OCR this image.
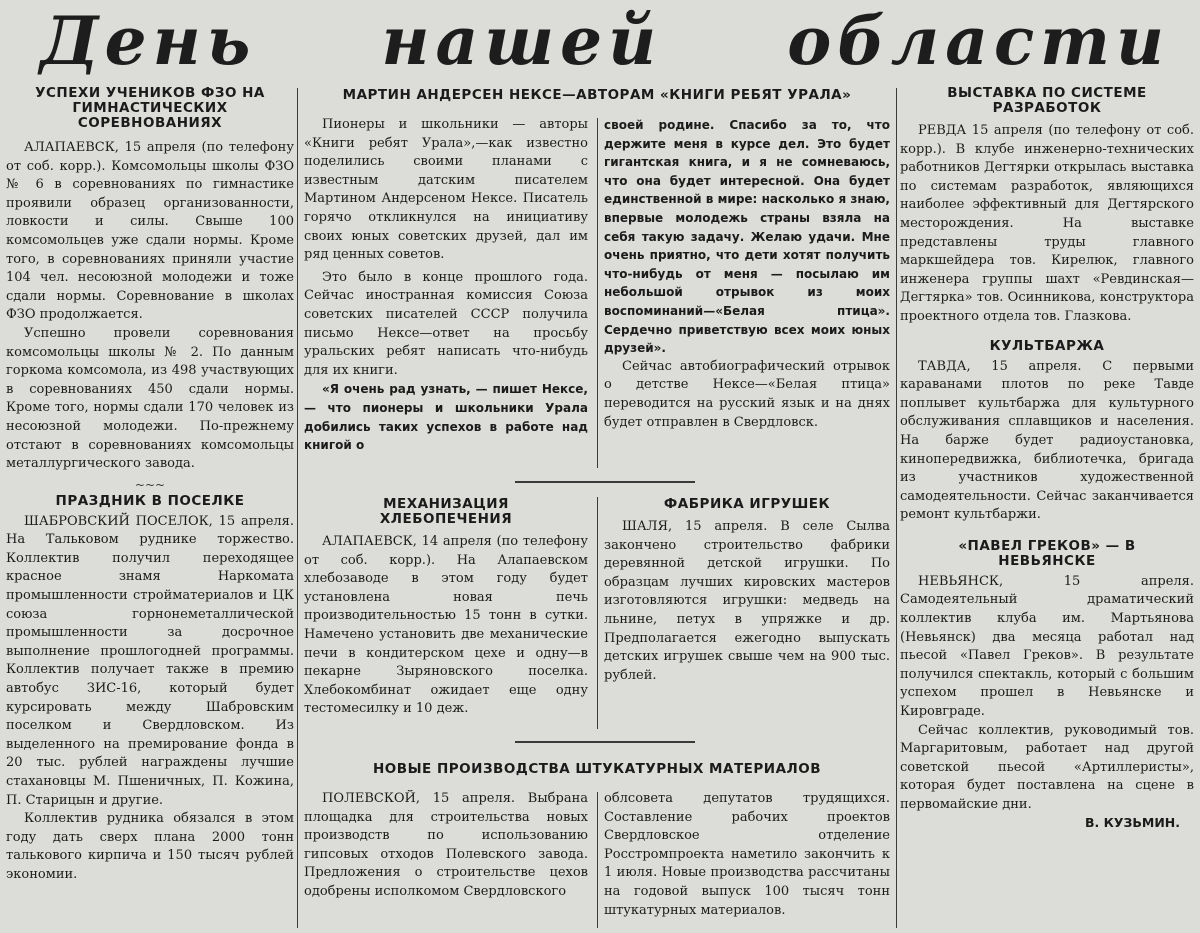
День нашей области
УСПЕХИ УЧЕНИКОВ ФЗО НА ГИМНАСТИЧЕСКИХ СОРЕВНОВАНИЯХ

АЛАПАЕВСК, 15 апреля (по телефону от соб. корр.). Комсомольцы школы ФЗО № 6 в соревнованиях по гимнастике проявили образец организованности, ловкости и силы. Свыше 100 комсомольцев уже сдали нормы. Кроме того, в соревнованиях приняли участие 104 чел. несоюзной молодежи и тоже сдали нормы. Соревнование в школах ФЗО продолжается.

Успешно провели соревнования комсомольцы школы № 2. По данным горкома комсомола, из 498 участвующих в соревнованиях 450 сдали нормы. Кроме того, нормы сдали 170 человек из несоюзной молодежи. По-прежнему отстают в соревнованиях комсомольцы металлургического завода.

~~~
ПРАЗДНИК В ПОСЕЛКЕ

ШАБРОВСКИЙ ПОСЕЛОК, 15 апреля. На Тальковом руднике торжество. Коллектив получил переходящее красное знамя Наркомата промышленности стройматериалов и ЦК союза горнонеметаллической промышленности за досрочное выполнение прошлогодней программы. Коллектив получает также в премию автобус ЗИС-16, который будет курсировать между Шабровским поселком и Свердловском. Из выделенного на премирование фонда в 20 тыс. рублей награждены лучшие стахановцы М. Пшеничных, П. Кожина, П. Старицын и другие.

Коллектив рудника обязался в этом году дать сверх плана 2000 тонн талькового кирпича и 150 тысяч рублей экономии.

МАРТИН АНДЕРСЕН НЕКСЕ—АВТОРАМ «КНИГИ РЕБЯТ УРАЛА»

Пионеры и школьники — авторы «Книги ребят Урала»,—как известно поделились своими планами с известным датским писателем Мартином Андерсеном Нексе. Писатель горячо откликнулся на инициативу своих юных советских друзей, дал им ряд ценных советов.

Это было в конце прошлого года. Сейчас иностранная комиссия Союза советских писателей СССР получила письмо Нексе—ответ на просьбу уральских ребят написать что-нибудь для их книги.

«Я очень рад узнать, — пишет Нексе, — что пионеры и школьники Урала добились таких успехов в работе над книгой о

своей родине. Спасибо за то, что держите меня в курсе дел. Это будет гигантская книга, и я не сомневаюсь, что она будет интересной. Она будет единственной в мире: насколько я знаю, впервые молодежь страны взяла на себя такую задачу. Желаю удачи. Мне очень приятно, что дети хотят получить что-нибудь от меня — посылаю им небольшой отрывок из моих воспоминаний—«Белая птица». Сердечно приветствую всех моих юных друзей».

Сейчас автобиографический отрывок о детстве Нексе—«Белая птица» переводится на русский язык и на днях будет отправлен в Свердловск.

МЕХАНИЗАЦИЯ ХЛЕБОПЕЧЕНИЯ

АЛАПАЕВСК, 14 апреля (по телефону от соб. корр.). На Алапаевском хлебозаводе в этом году будет установлена новая печь производительностью 15 тонн в сутки. Намечено установить две механические печи в кондитерском цехе и одну—в пекарне Зыряновского поселка. Хлебокомбинат ожидает еще одну тестомесилку и 10 деж.

ФАБРИКА ИГРУШЕК

ШАЛЯ, 15 апреля. В селе Сылва закончено строительство фабрики деревянной детской игрушки. По образцам лучших кировских мастеров изготовляются игрушки: медведь на льнине, петух в упряжке и др. Предполагается ежегодно выпускать детских игрушек свыше чем на 900 тыс. рублей.

НОВЫЕ ПРОИЗВОДСТВА ШТУКАТУРНЫХ МАТЕРИАЛОВ

ПОЛЕВСКОЙ, 15 апреля. Выбрана площадка для строительства новых производств по использованию гипсовых отходов Полевского завода. Предложения о строительстве цехов одобрены исполкомом Свердловского

облсовета депутатов трудящихся. Составление рабочих проектов Свердловское отделение Росстромпроекта наметило закончить к 1 июля. Новые производства рассчитаны на годовой выпуск 100 тысяч тонн штукатурных материалов.

ВЫСТАВКА ПО СИСТЕМЕ РАЗРАБОТОК

РЕВДА 15 апреля (по телефону от соб. корр.). В клубе инженерно-технических работников Дегтярки открылась выставка по системам разработок, являющихся наиболее эффективный для Дегтярского месторождения. На выставке представлены труды главного маркшейдера тов. Кирелюк, главного инженера группы шахт «Ревдинская—Дегтярка» тов. Осинникова, конструктора проектного отдела тов. Глазкова.

КУЛЬТБАРЖА

ТАВДА, 15 апреля. С первыми караванами плотов по реке Тавде поплывет культбаржа для культурного обслуживания сплавщиков и населения. На барже будет радиоустановка, кинопередвижка, библиотечка, бригада из участников художественной самодеятельности. Сейчас заканчивается ремонт культбаржи.

«ПАВЕЛ ГРЕКОВ» — В НЕВЬЯНСКЕ

НЕВЬЯНСК, 15 апреля. Самодеятельный драматический коллектив клуба им. Мартьянова (Невьянск) два месяца работал над пьесой «Павел Греков». В результате получился спектакль, который с большим успехом прошел в Невьянске и Кировграде.

Сейчас коллектив, руководимый тов. Маргаритовым, работает над другой советской пьесой «Артиллеристы», которая будет поставлена на сцене в первомайские дни.

В. КУЗЬМИН.
